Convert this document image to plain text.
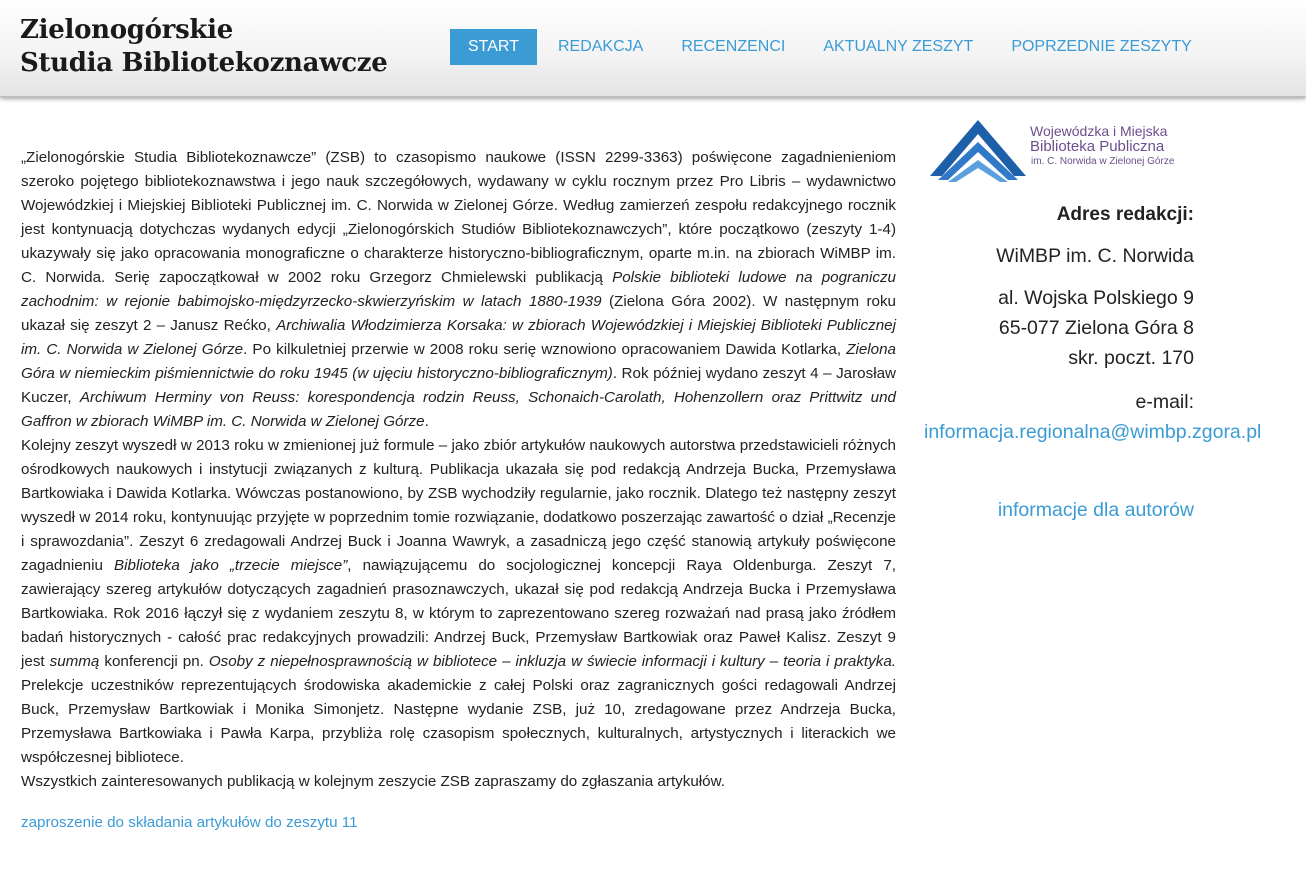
Zielonogórskie
Studia Bibliotekoznawcze
START	REDAKCJA	RECENZENCI	AKTUALNY ZESZYT	POPRZEDNIE ZESZYTY

„Zielonogórskie Studia Bibliotekoznawcze” (ZSB) to czasopismo naukowe (ISSN 2299-3363) poświęcone zagadnienieniom szeroko pojętego bibliotekoznawstwa i jego nauk szczegółowych, wydawany w cyklu rocznym przez Pro Libris – wydawnictwo Wojewódzkiej i Miejskiej Biblioteki Publicznej im. C. Norwida w Zielonej Górze. Według zamierzeń zespołu redakcyjnego rocznik jest kontynuacją dotychczas wydanych edycji „Zielonogórskich Studiów Bibliotekoznawczych”, które początkowo (zeszyty 1-4) ukazywały się jako opracowania monograficzne o charakterze historyczno-bibliograficznym, oparte m.in. na zbiorach WiMBP im. C. Norwida. Serię zapoczątkował w 2002 roku Grzegorz Chmielewski publikacją Polskie biblioteki ludowe na pograniczu zachodnim: w rejonie babimojsko-międzyrzecko-skwierzyńskim w latach 1880-1939 (Zielona Góra 2002). W następnym roku ukazał się zeszyt 2 – Janusz Rećko, Archiwalia Włodzimierza Korsaka: w zbiorach Wojewódzkiej i Miejskiej Biblioteki Publicznej im. C. Norwida w Zielonej Górze. Po kilkuletniej przerwie w 2008 roku serię wznowiono opracowaniem Dawida Kotlarka, Zielona Góra w niemieckim piśmiennictwie do roku 1945 (w ujęciu historyczno-bibliograficznym). Rok później wydano zeszyt 4 – Jarosław Kuczer, Archiwum Herminy von Reuss: korespondencja rodzin Reuss, Schonaich-Carolath, Hohenzollern oraz Prittwitz und Gaffron w zbiorach WiMBP im. C. Norwida w Zielonej Górze.

Kolejny zeszyt wyszedł w 2013 roku w zmienionej już formule – jako zbiór artykułów naukowych autorstwa przedstawicieli różnych ośrodkowych naukowych i instytucji związanych z kulturą. Publikacja ukazała się pod redakcją Andrzeja Bucka, Przemysława Bartkowiaka i Dawida Kotlarka. Wówczas postanowiono, by ZSB wychodziły regularnie, jako rocznik. Dlatego też następny zeszyt wyszedł w 2014 roku, kontynuując przyjęte w poprzednim tomie rozwiązanie, dodatkowo poszerzając zawartość o dział „Recenzje i sprawozdania”. Zeszyt 6 zredagowali Andrzej Buck i Joanna Wawryk, a zasadniczą jego część stanowią artykuły poświęcone zagadnieniu Biblioteka jako „trzecie miejsce”, nawiązującemu do socjologicznej koncepcji Raya Oldenburga. Zeszyt 7, zawierający szereg artykułów dotyczących zagadnień prasoznawczych, ukazał się pod redakcją Andrzeja Bucka i Przemysława Bartkowiaka. Rok 2016 łączył się z wydaniem zeszytu 8, w którym to zaprezentowano szereg rozważań nad prasą jako źródłem badań historycznych - całość prac redakcyjnych prowadzili: Andrzej Buck, Przemysław Bartkowiak oraz Paweł Kalisz. Zeszyt 9 jest summą konferencji pn. Osoby z niepełnosprawnością w bibliotece – inkluzja w świecie informacji i kultury – teoria i praktyka. Prelekcje uczestników reprezentujących środowiska akademickie z całej Polski oraz zagranicznych gości redagowali Andrzej Buck, Przemysław Bartkowiak i Monika Simonjetz. Następne wydanie ZSB, już 10, zredagowane przez Andrzeja Bucka, Przemysława Bartkowiaka i Pawła Karpa, przybliża rolę czasopism społecznych, kulturalnych, artystycznych i literackich we współczesnej bibliotece.

Wszystkich zainteresowanych publikacją w kolejnym zeszycie ZSB zapraszamy do zgłaszania artykułów.

zaproszenie do składania artykułów do zeszytu 11
Wojewódzka i Miejska
Biblioteka Publiczna
im. C. Norwida w Zielonej Górze
Adres redakcji:
WiMBP im. C. Norwida
al. Wojska Polskiego 9
65-077 Zielona Góra 8
skr. poczt. 170
e-mail:
informacja.regionalna@wimbp.zgora.pl
informacje dla autorów
